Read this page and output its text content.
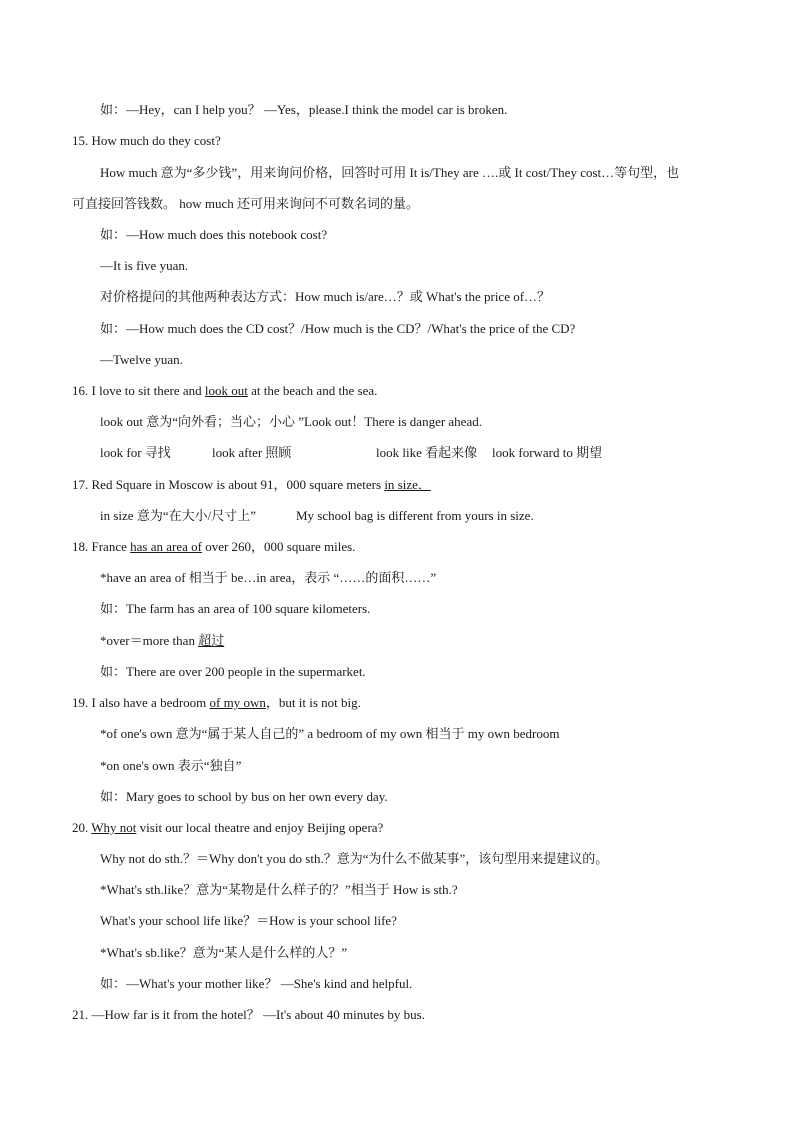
如：—Hey，can I help you？ —Yes，please.I think the model car is broken.
15. How much do they cost?
How much 意为“多少钱”，用来询问价格，回答时可用 It is/They are ….或 It cost/They cost…等句型，也
可直接回答钱数。 how much 还可用来询问不可数名词的量。
如：—How much does this notebook cost?
—It is five yuan.
对价格提问的其他两种表达方式：How much is/are…？或 What's the price of…？
如：—How much does the CD cost？/How much is the CD？/What's the price of the CD?
—Twelve yuan.
16. I love to sit there and look out at the beach and the sea.
look out 意为“向外看；当心；小心 ”Look out！There is danger ahead.
look for 寻找	look after 照顾	look like 看起来像 look forward to 期望
17. Red Square in Moscow is about 91，000 square meters in size．
in size 意为“在大小/尺寸上”	My school bag is different from yours in size.
18. France has an area of over 260，000 square miles.
*have an area of 相当于 be…in area，表示 “……的面积……”
如：The farm has an area of 100 square kilometers.
*over＝more than 超过
如：There are over 200 people in the supermarket.
19. I also have a bedroom of my own，but it is not big.
*of one's own 意为“属于某人自己的” a bedroom of my own 相当于 my own bedroom
*on one's own 表示“独自”
如：Mary goes to school by bus on her own every day.
20. Why not visit our local theatre and enjoy Beijing opera?
Why not do sth.？＝Why don't you do sth.？意为“为什么不做某事”，该句型用来提建议的。
*What's sth.like？意为“某物是什么样子的？”相当于 How is sth.?
What's your school life like？＝How is your school life?
*What's sb.like？意为“某人是什么样的人？”
如：—What's your mother like？ —She's kind and helpful.
21. —How far is it from the hotel？ —It's about 40 minutes by bus.
